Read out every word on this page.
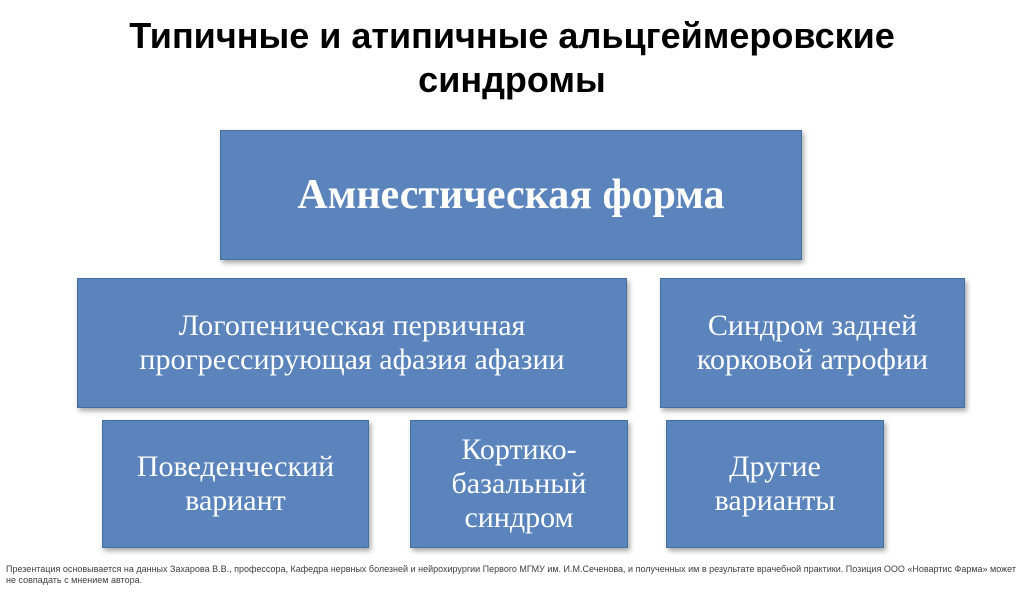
Типичные и атипичные альцгеймеровские
синдромы
Амнестическая форма
Логопеническая первичная
прогрессирующая афазия афазии
Синдром задней
корковой атрофии
Поведенческий
вариант
Кортико-
базальный
синдром
Другие
варианты
Презентация основывается на данных Захарова В.В., профессора, Кафедра нервных болезней и нейрохирургии Первого МГМУ им. И.М.Сеченова, и полученных им в результате врачебной практики. Позиция ООО «Новартис Фарма» может не совпадать с мнением автора.
